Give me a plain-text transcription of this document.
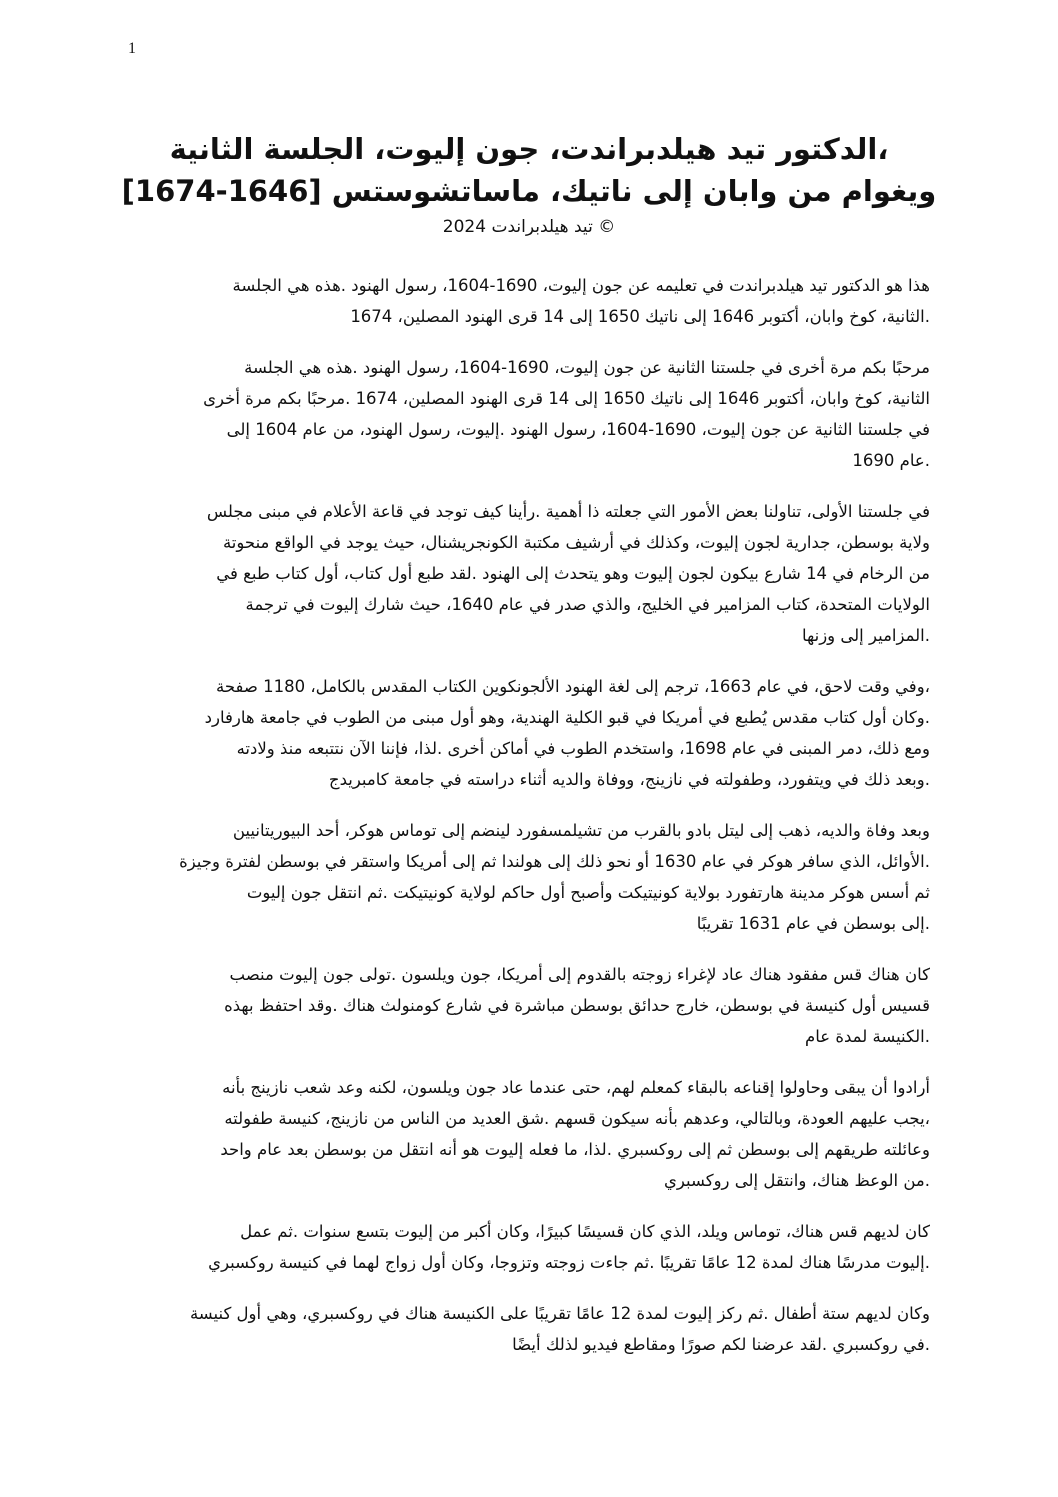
1
الدكتور تيد هيلدبراندت، جون إليوت، الجلسة الثانية،
ويغوام من وابان إلى ناتيك، ماساتشوستس [1646-1674]
تيد هيلدبراندت 2024 ©
هذا هو الدكتور تيد هيلدبراندت في تعليمه عن جون إليوت، 1690-1604، رسول الهنود .هذه هي الجلسة
الثانية، كوخ وابان، أكتوبر 1646 إلى ناتيك 1650 إلى 14 قرى الهنود المصلين، 1674.
مرحبًا بكم مرة أخرى في جلستنا الثانية عن جون إليوت، 1690-1604، رسول الهنود .هذه هي الجلسة
الثانية، كوخ وابان، أكتوبر 1646 إلى ناتيك 1650 إلى 14 قرى الهنود المصلين، 1674 .مرحبًا بكم مرة أخرى
في جلستنا الثانية عن جون إليوت، 1690-1604، رسول الهنود .إليوت، رسول الهنود، من عام 1604 إلى
عام 1690.
في جلستنا الأولى، تناولنا بعض الأمور التي جعلته ذا أهمية .رأينا كيف توجد في قاعة الأعلام في مبنى مجلس
ولاية بوسطن، جدارية لجون إليوت، وكذلك في أرشيف مكتبة الكونجريشنال، حيث يوجد في الواقع منحوتة
من الرخام في 14 شارع بيكون لجون إليوت وهو يتحدث إلى الهنود .لقد طبع أول كتاب، أول كتاب طبع في
الولايات المتحدة، كتاب المزامير في الخليج، والذي صدر في عام 1640، حيث شارك إليوت في ترجمة
المزامير إلى وزنها.
وفي وقت لاحق، في عام 1663، ترجم إلى لغة الهنود الألجونكوين الكتاب المقدس بالكامل، 1180 صفحة،
وكان أول كتاب مقدس يُطبع في أمريكا في قبو الكلية الهندية، وهو أول مبنى من الطوب في جامعة هارفارد.
ومع ذلك، دمر المبنى في عام 1698، واستخدم الطوب في أماكن أخرى .لذا، فإننا الآن نتتبعه منذ ولادته
وبعد ذلك في ويتفورد، وطفولته في نازينج، ووفاة والديه أثناء دراسته في جامعة كامبريدج.
وبعد وفاة والديه، ذهب إلى ليتل بادو بالقرب من تشيلمسفورد لينضم إلى توماس هوكر، أحد البيوريتانيين
الأوائل، الذي سافر هوكر في عام 1630 أو نحو ذلك إلى هولندا ثم إلى أمريكا واستقر في بوسطن لفترة وجيزة.
ثم أسس هوكر مدينة هارتفورد بولاية كونيتيكت وأصبح أول حاكم لولاية كونيتيكت .ثم انتقل جون إليوت
إلى بوسطن في عام 1631 تقريبًا.
كان هناك قس مفقود هناك عاد لإغراء زوجته بالقدوم إلى أمريكا، جون ويلسون .تولى جون إليوت منصب
قسيس أول كنيسة في بوسطن، خارج حدائق بوسطن مباشرة في شارع كومنولث هناك .وقد احتفظ بهذه
الكنيسة لمدة عام.
أرادوا أن يبقى وحاولوا إقناعه بالبقاء كمعلم لهم، حتى عندما عاد جون ويلسون، لكنه وعد شعب نازينج بأنه
يجب عليهم العودة، وبالتالي، وعدهم بأنه سيكون قسهم .شق العديد من الناس من نازينج، كنيسة طفولته،
وعائلته طريقهم إلى بوسطن ثم إلى روكسبري .لذا، ما فعله إليوت هو أنه انتقل من بوسطن بعد عام واحد
من الوعظ هناك، وانتقل إلى روكسبري.
كان لديهم قس هناك، توماس ويلد، الذي كان قسيسًا كبيرًا، وكان أكبر من إليوت بتسع سنوات .ثم عمل
إليوت مدرسًا هناك لمدة 12 عامًا تقريبًا .ثم جاءت زوجته وتزوجا، وكان أول زواج لهما في كنيسة روكسبري.
وكان لديهم ستة أطفال .ثم ركز إليوت لمدة 12 عامًا تقريبًا على الكنيسة هناك في روكسبري، وهي أول كنيسة
في روكسبري .لقد عرضنا لكم صورًا ومقاطع فيديو لذلك أيضًا.
